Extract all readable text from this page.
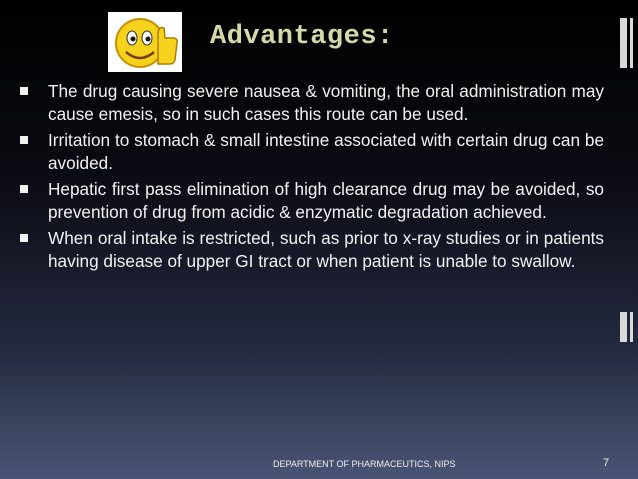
Advantages:
The drug causing severe nausea & vomiting, the oral administration may cause emesis, so in such cases this route can be used.
Irritation to stomach & small intestine associated with certain drug can be avoided.
Hepatic first pass elimination of high clearance drug may be avoided, so prevention of drug from acidic & enzymatic degradation achieved.
When oral intake is restricted, such as prior to x-ray studies or in patients having disease of upper GI tract or when patient is unable to swallow.
DEPARTMENT OF PHARMACEUTICS, NIPS	7
